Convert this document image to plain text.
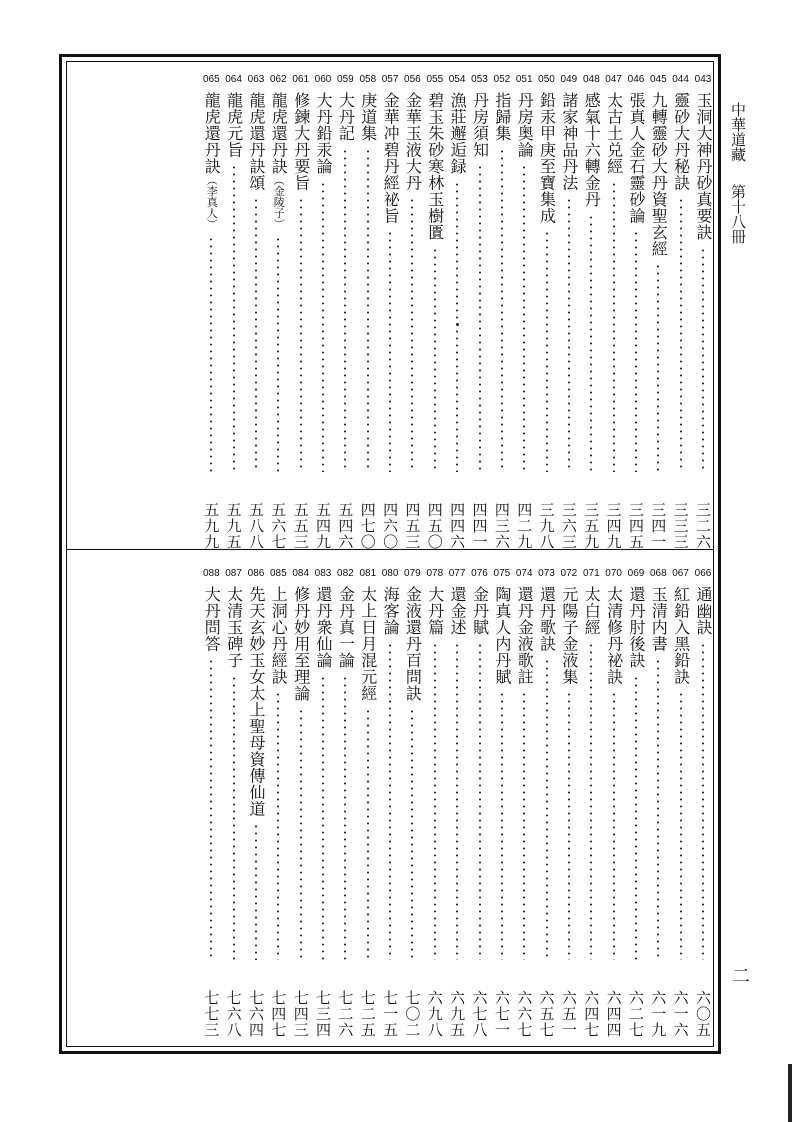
中華道藏
第十八冊
二
043
玉洞大神丹砂真要訣
三二六
044
靈砂大丹秘訣
三三三
045
九轉靈砂大丹資聖玄經
三四一
046
張真人金石靈砂論
三四五
047
太古土兑經
三四九
048
感氣十六轉金丹
三五九
049
諸家神品丹法
三六三
050
鉛汞甲庚至寶集成
三九八
051
丹房奥論
四二九
052
指歸集
四三六
053
丹房須知
四四一
054
漁莊邂逅録
四四六
055
碧玉朱砂寒林玉樹匱
四五〇
056
金華玉液大丹
四五三
057
金華冲碧丹經祕旨
四六〇
058
庚道集
四七〇
059
大丹記
五四六
060
大丹鉛汞論
五四九
061
修鍊大丹要旨
五五三
062
龍虎還丹訣（金陵子）
五六七
063
龍虎還丹訣頌
五八八
064
龍虎元旨
五九五
065
龍虎還丹訣（李真人）
五九九
066
通幽訣
六〇五
067
紅鉛入黑鉛訣
六一六
068
玉清内書
六一九
069
還丹肘後訣
六二七
070
太清修丹祕訣
六四四
071
太白經
六四七
072
元陽子金液集
六五一
073
還丹歌訣
六五七
074
還丹金液歌註
六六七
075
陶真人内丹賦
六七一
076
金丹賦
六七八
077
還金述
六九五
078
大丹篇
六九八
079
金液還丹百問訣
七〇二
080
海客論
七一五
081
太上日月混元經
七二五
082
金丹真一論
七二六
083
還丹衆仙論
七三四
084
修丹妙用至理論
七四三
085
上洞心丹經訣
七四七
086
先天玄妙玉女太上聖母資傳仙道
七六四
087
太清玉碑子
七六八
088
大丹問答
七七三
